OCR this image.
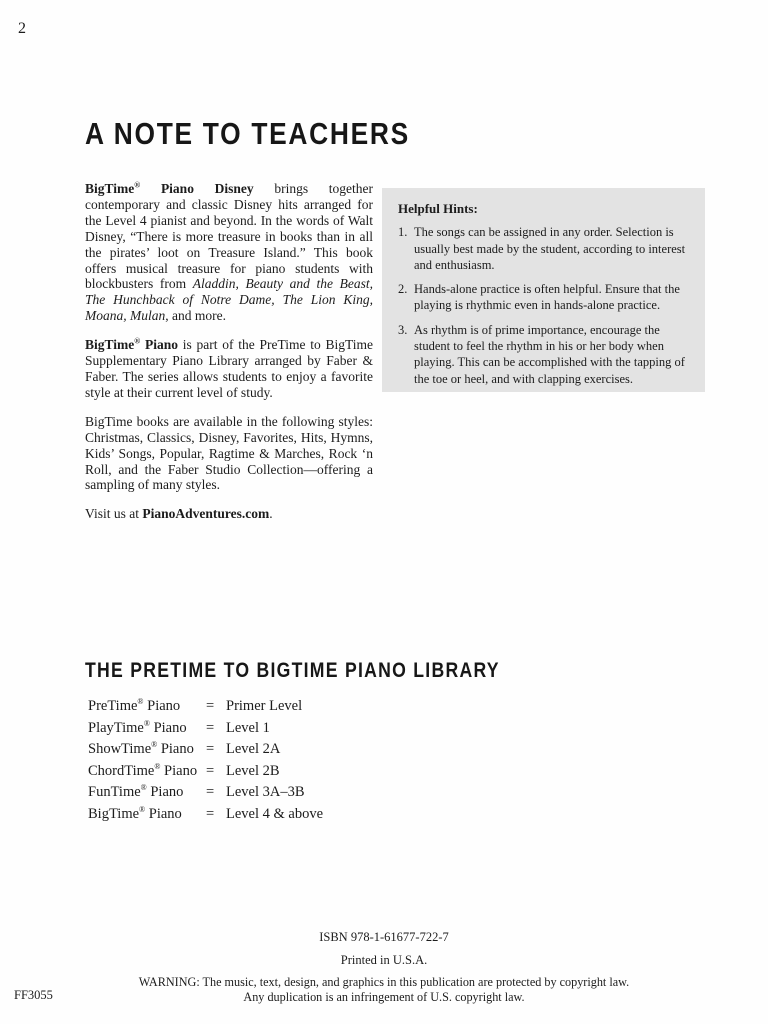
2
A NOTE TO TEACHERS

BigTime® Piano Disney brings together contemporary and classic Disney hits arranged for the Level 4 pianist and beyond. In the words of Walt Disney, “There is more treasure in books than in all the pirates’ loot on Treasure Island.” This book offers musical treasure for piano students with blockbusters from Aladdin, Beauty and the Beast, The Hunchback of Notre Dame, The Lion King, Moana, Mulan, and more.

BigTime® Piano is part of the PreTime to BigTime Supplementary Piano Library arranged by Faber & Faber. The series allows students to enjoy a favorite style at their current level of study.

BigTime books are available in the following styles: Christmas, Classics, Disney, Favorites, Hits, Hymns, Kids’ Songs, Popular, Ragtime & Marches, Rock ‘n Roll, and the Faber Studio Collection—offering a sampling of many styles.

Visit us at PianoAdventures.com.

Helpful Hints:
1. The songs can be assigned in any order. Selection is usually best made by the student, according to interest and enthusiasm.
2. Hands-alone practice is often helpful. Ensure that the playing is rhythmic even in hands-alone practice.
3. As rhythm is of prime importance, encourage the student to feel the rhythm in his or her body when playing. This can be accomplished with the tapping of the toe or heel, and with clapping exercises.
THE PRETIME TO BIGTIME PIANO LIBRARY
PreTime® Piano	= Primer Level
PlayTime® Piano	= Level 1
ShowTime® Piano = Level 2A
ChordTime® Piano = Level 2B
FunTime® Piano	= Level 3A–3B
BigTime® Piano	= Level 4 & above
ISBN 978-1-61677-722-7
Printed in U.S.A.
WARNING: The music, text, design, and graphics in this publication are protected by copyright law.
Any duplication is an infringement of U.S. copyright law.
FF3055
